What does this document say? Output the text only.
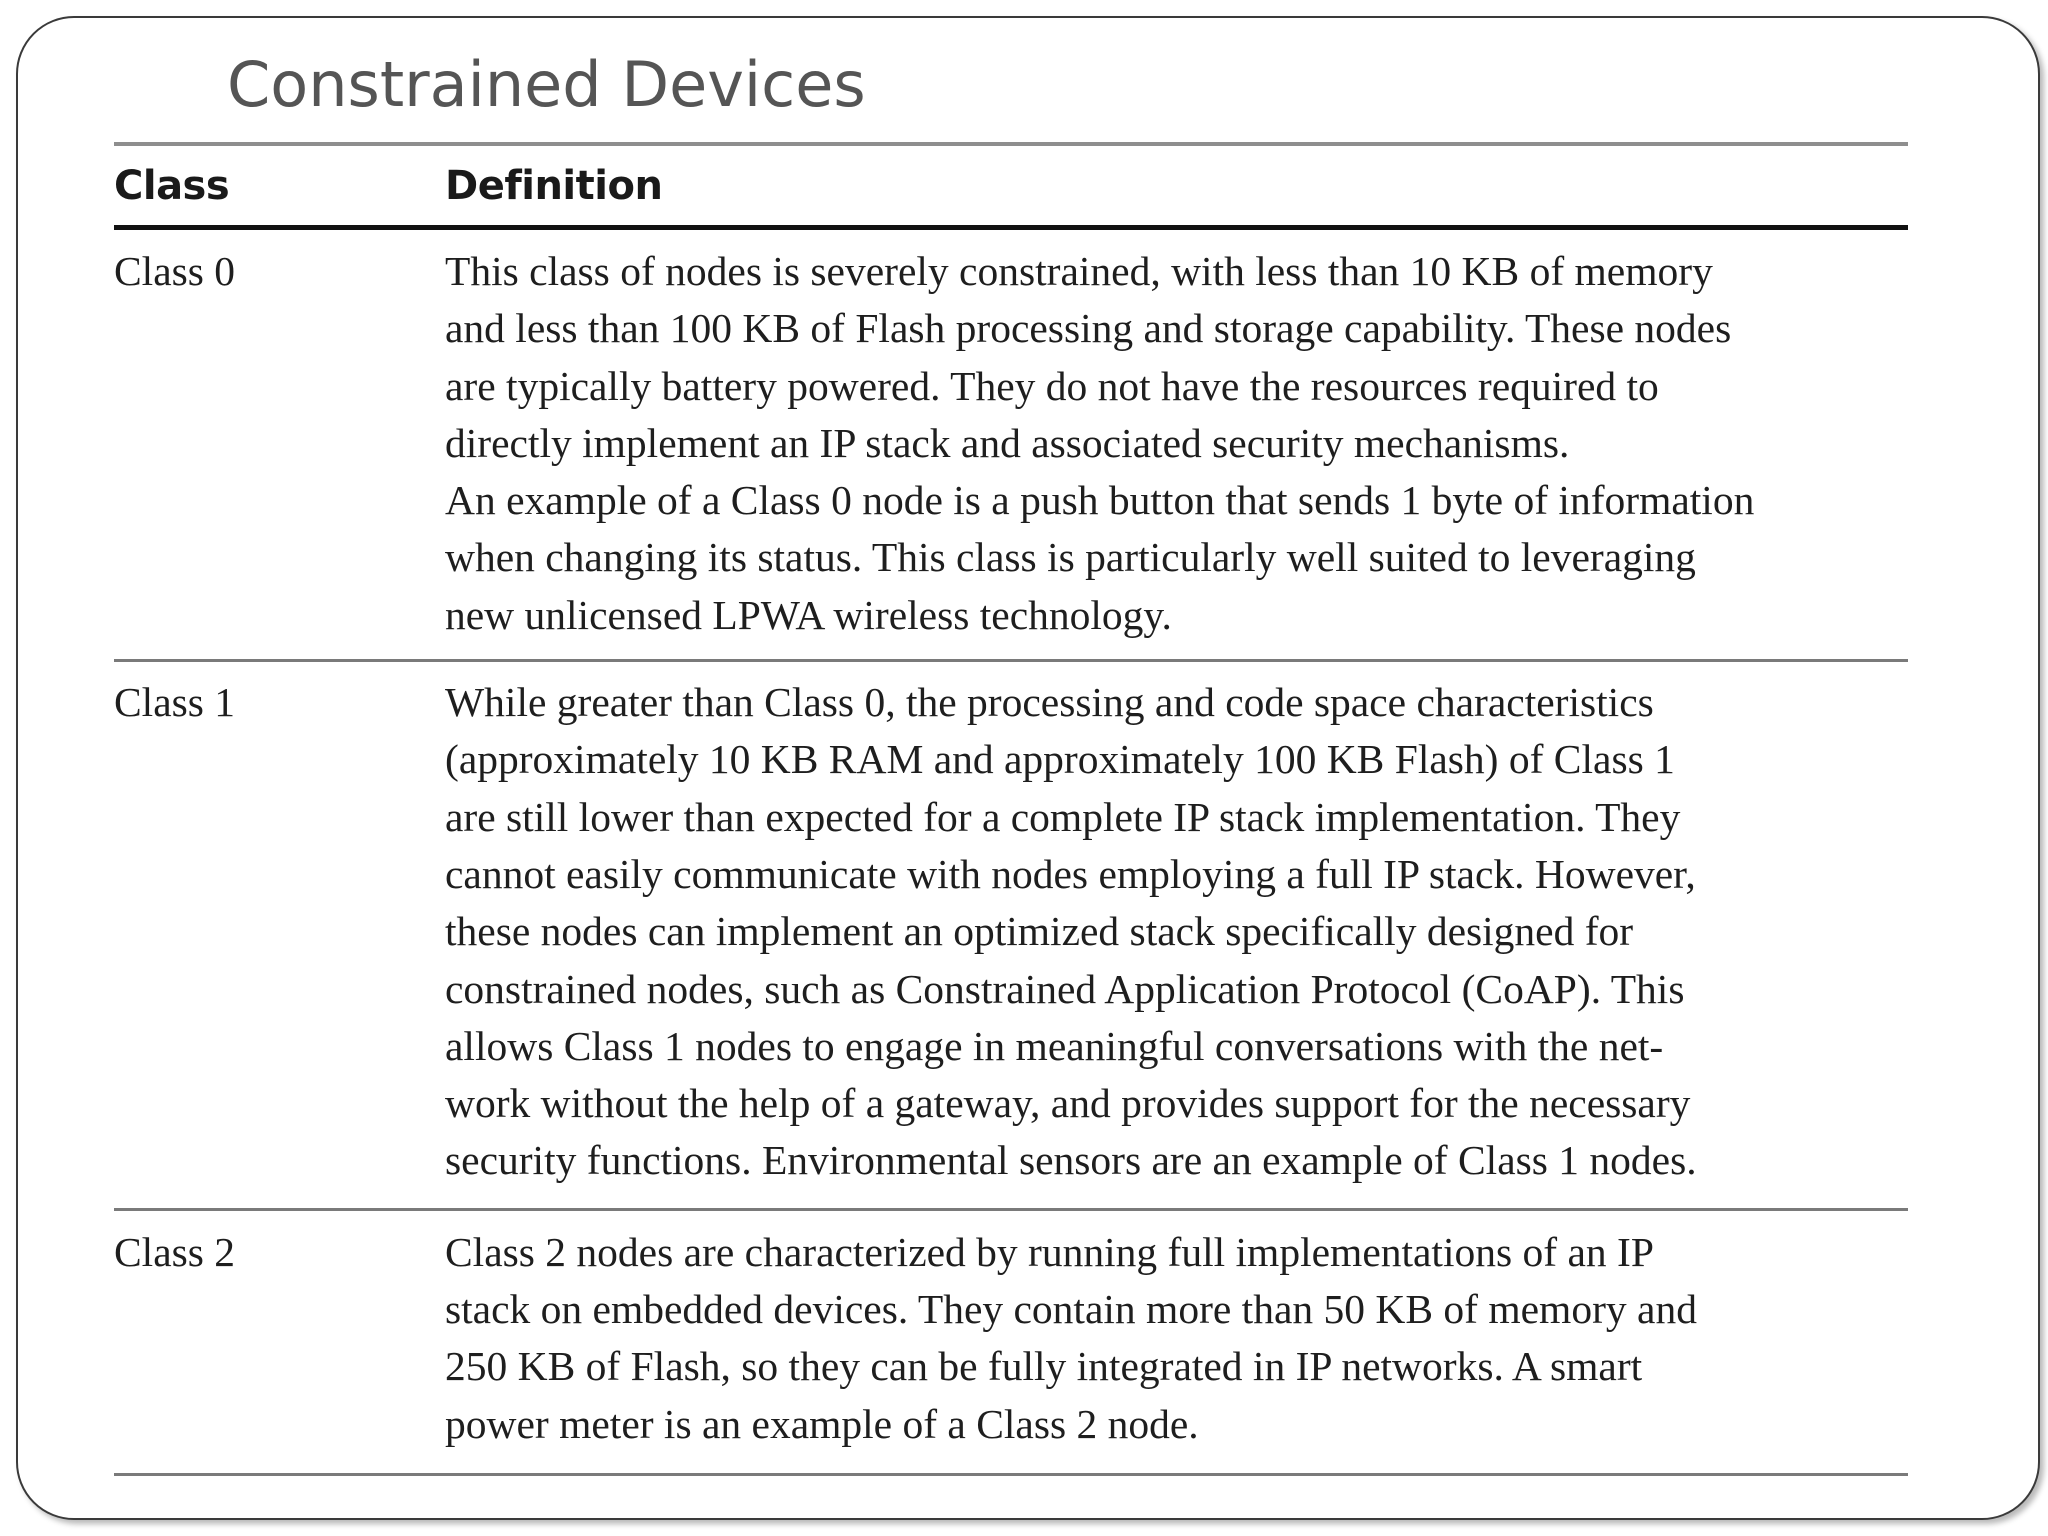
Constrained Devices
Class	Definition
Class 0	This class of nodes is severely constrained, with less than 10 KB of memory
and less than 100 KB of Flash processing and storage capability. These nodes
are typically battery powered. They do not have the resources required to
directly implement an IP stack and associated security mechanisms.
An example of a Class 0 node is a push button that sends 1 byte of information
when changing its status. This class is particularly well suited to leveraging
new unlicensed LPWA wireless technology.
Class 1	While greater than Class 0, the processing and code space characteristics
(approximately 10 KB RAM and approximately 100 KB Flash) of Class 1
are still lower than expected for a complete IP stack implementation. They
cannot easily communicate with nodes employing a full IP stack. However,
these nodes can implement an optimized stack specifically designed for
constrained nodes, such as Constrained Application Protocol (CoAP). This
allows Class 1 nodes to engage in meaningful conversations with the net-
work without the help of a gateway, and provides support for the necessary
security functions. Environmental sensors are an example of Class 1 nodes.
Class 2	Class 2 nodes are characterized by running full implementations of an IP
stack on embedded devices. They contain more than 50 KB of memory and
250 KB of Flash, so they can be fully integrated in IP networks. A smart
power meter is an example of a Class 2 node.
